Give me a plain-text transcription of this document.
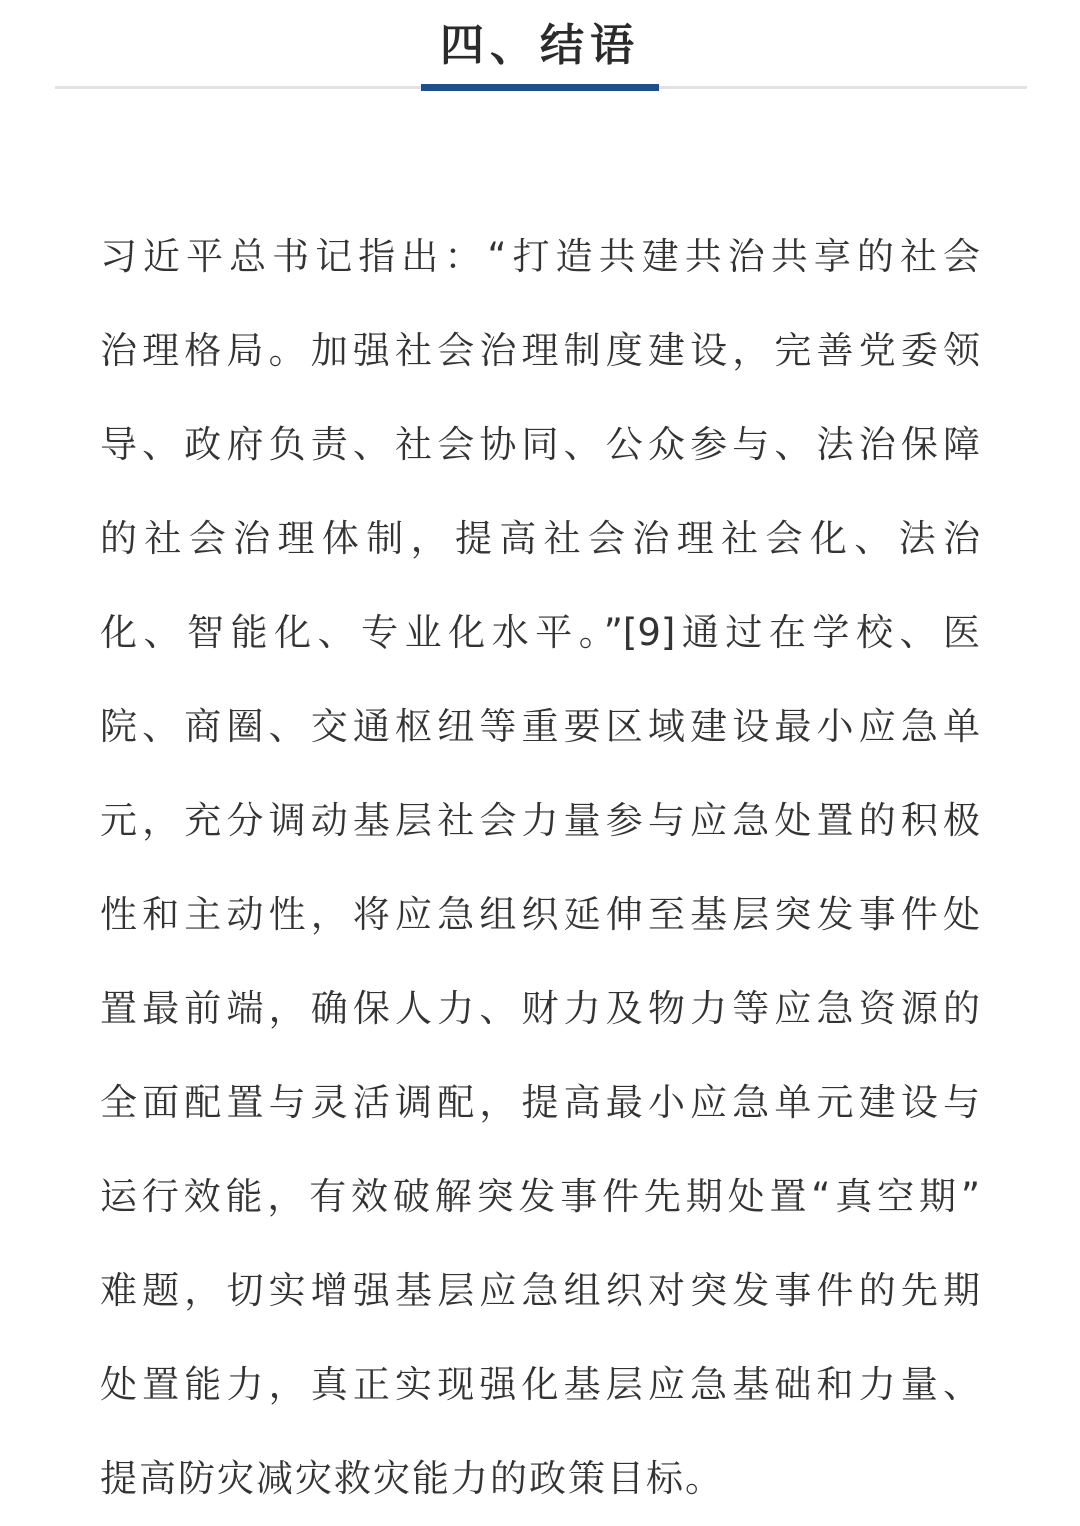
四、结语
习近平总书记指出：“打造共建共治共享的社会
治理格局。加强社会治理制度建设，完善党委领
导、政府负责、社会协同、公众参与、法治保障
的社会治理体制，提高社会治理社会化、法治
化、智能化、专业化水平。”[9]通过在学校、医
院、商圈、交通枢纽等重要区域建设最小应急单
元，充分调动基层社会力量参与应急处置的积极
性和主动性，将应急组织延伸至基层突发事件处
置最前端，确保人力、财力及物力等应急资源的
全面配置与灵活调配，提高最小应急单元建设与
运行效能，有效破解突发事件先期处置“真空期”
难题，切实增强基层应急组织对突发事件的先期
处置能力，真正实现强化基层应急基础和力量、
提高防灾减灾救灾能力的政策目标。
